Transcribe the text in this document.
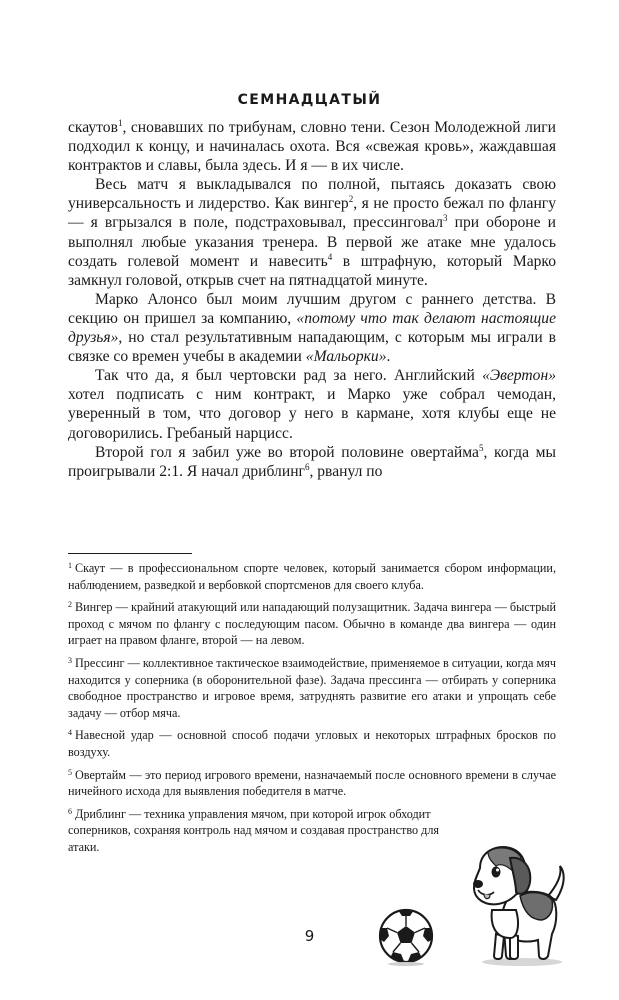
СЕМНАДЦАТЫЙ

скаутов$^1$, сновавших по трибунам, словно тени. Сезон Молодежной лиги подходил к концу, и начиналась охота. Вся «свежая кровь», жаждавшая контрактов и славы, была здесь. И я — в их числе.

Весь матч я выкладывался по полной, пытаясь доказать свою универсальность и лидерство. Как вингер$^2$, я не просто бежал по флангу — я вгрызался в поле, подстраховывал, прессинговал$^3$ при обороне и выполнял любые указания тренера. В первой же атаке мне удалось создать голевой момент и навесить$^4$ в штрафную, который Марко замкнул головой, открыв счет на пятнадцатой минуте.

Марко Алонсо был моим лучшим другом с раннего детства. В секцию он пришел за компанию, «потому что так делают настоящие друзья», но стал результативным нападающим, с которым мы играли в связке со времен учебы в академии «Мальорки».

Так что да, я был чертовски рад за него. Английский «Эвертон» хотел подписать с ним контракт, и Марко уже собрал чемодан, уверенный в том, что договор у него в кармане, хотя клубы еще не договорились. Гребаный нарцисс.

Второй гол я забил уже во второй половине овертайма$^5$, когда мы проигрывали 2:1. Я начал дриблинг$^6$, рванул по

$^1$ Скаут — в профессиональном спорте человек, который занимается сбором информации, наблюдением, разведкой и вербовкой спортсменов для своего клуба.

$^2$ Вингер — крайний атакующий или нападающий полузащитник. Задача вингера — быстрый проход с мячом по флангу с последующим пасом. Обычно в команде два вингера — один играет на правом фланге, второй — на левом.

$^3$ Прессинг — коллективное тактическое взаимодействие, применяемое в ситуации, когда мяч находится у соперника (в оборонительной фазе). Задача прессинга — отбирать у соперника свободное пространство и игровое время, затруднять развитие его атаки и упрощать себе задачу — отбор мяча.

$^4$ Навесной удар — основной способ подачи угловых и некоторых штрафных бросков по воздуху.

$^5$ Овертайм — это период игрового времени, назначаемый после основного времени в случае ничейного исхода для выявления победителя в матче.

$^6$ Дриблинг — техника управления мячом, при которой игрок обходит соперников, сохраняя контроль над мячом и создавая пространство для атаки.

9
